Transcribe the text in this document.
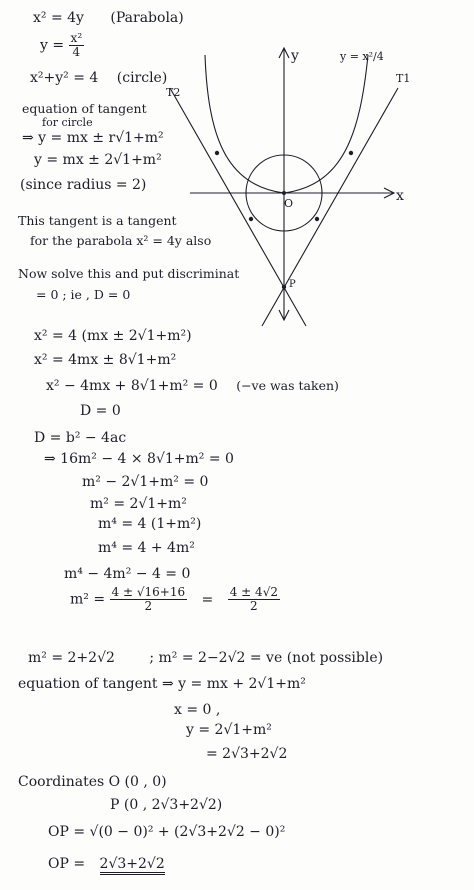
y
x
O
P
y = x²/4
T1
T2
x² = 4y (Parabola)
$y = \frac{\text{x²}}{4}$
x²+y² = 4 (circle)
equation of tangent
for circle
⇒ y = mx ± r√1+m²
y = mx ± 2√1+m²
(since radius = 2)
This tangent is a tangent
for the parabola x² = 4y also
Now solve this and put discriminat
= 0 ; ie , D = 0
x² = 4 (mx ± 2√1+m²)
x² = 4mx ± 8√1+m²
x² − 4mx + 8√1+m² = 0 (−ve was taken)
D = 0
D = b² − 4ac
⇒ 16m² − 4 × 8√1+m² = 0
m² − 2√1+m² = 0
m² = 2√1+m²
m⁴ = 4 (1+m²)
m⁴ = 4 + 4m²
m⁴ − 4m² − 4 = 0
$m^2 = \frac{4 \pm √16+16}{2} = \frac{4 \pm 4√2}{2}$
m² = 2+2√2 ; m² = 2−2√2 = ve (not possible)
equation of tangent ⇒ y = mx + 2√1+m²
x = 0 ,
y = 2√1+m²
= 2√3+2√2
Coordinates O (0 , 0)
P (0 , 2√3+2√2)
OP = √(0 − 0)² + (2√3+2√2 − 0)²
OP = 2√3+2√2
